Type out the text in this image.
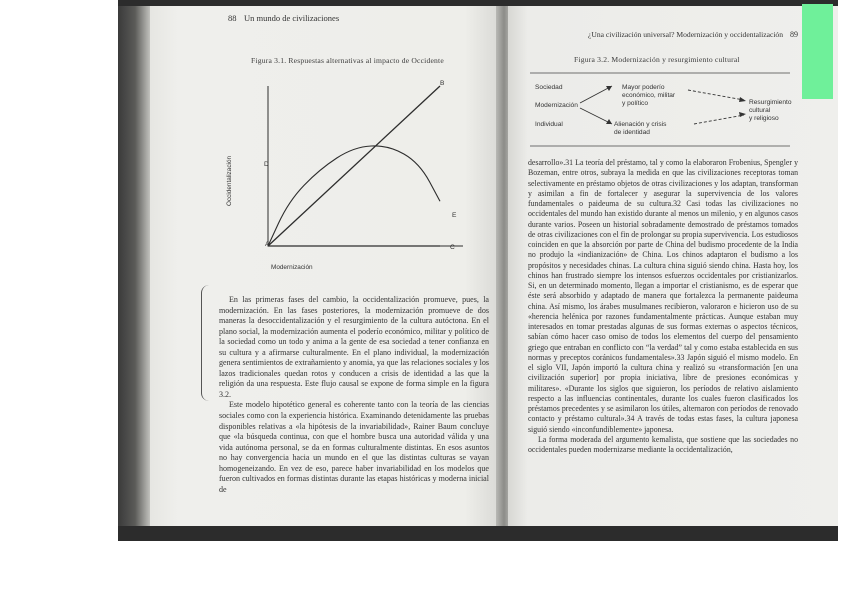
88 Un mundo de civilizaciones
Figura 3.1. Respuestas alternativas al impacto de Occidente
Occidentalización
Modernización
A
B
C
D
E

En las primeras fases del cambio, la occidentalización promueve, pues, la modernización. En las fases posteriores, la modernización promueve de dos maneras la desoccidentalización y el resurgimiento de la cultura autóctona. En el plano social, la modernización aumenta el poderío económico, militar y político de la sociedad como un todo y anima a la gente de esa sociedad a tener confianza en su cultura y a afirmarse culturalmente. En el plano individual, la modernización genera sentimientos de extrañamiento y anomia, ya que las relaciones sociales y los lazos tradicionales quedan rotos y conducen a crisis de identidad a las que la religión da una respuesta. Este flujo causal se expone de forma simple en la figura 3.2.

Este modelo hipotético general es coherente tanto con la teoría de las ciencias sociales como con la experiencia histórica. Examinando detenidamente las pruebas disponibles relativas a «la hipótesis de la invariabilidad», Rainer Baum concluye que «la búsqueda continua, con que el hombre busca una autoridad válida y una vida autónoma personal, se da en formas culturalmente distintas. En esos asuntos no hay convergencia hacia un mundo en el que las distintas culturas se vayan homogeneizando. En vez de eso, parece haber invariabilidad en los modelos que fueron cultivados en formas distintas durante las etapas históricas y moderna inicial de

¿Una civilización universal? Modernización y occidentalización 89
Figura 3.2. Modernización y resurgimiento cultural
Sociedad
Modernización
Individual
Mayor poderío
económico, militar
y político
Alienación y crisis
de identidad
Resurgimiento
cultural
y religioso

desarrollo».31 La teoría del préstamo, tal y como la elaboraron Frobenius, Spengler y Bozeman, entre otros, subraya la medida en que las civilizaciones receptoras toman selectivamente en préstamo objetos de otras civilizaciones y los adaptan, transforman y asimilan a fin de fortalecer y asegurar la supervivencia de los valores fundamentales o paideuma de su cultura.32 Casi todas las civilizaciones no occidentales del mundo han existido durante al menos un milenio, y en algunos casos durante varios. Poseen un historial sobradamente demostrado de préstamos tomados de otras civilizaciones con el fin de prolongar su propia supervivencia. Los estudiosos coinciden en que la absorción por parte de China del budismo procedente de la India no produjo la «indianización» de China. Los chinos adaptaron el budismo a los propósitos y necesidades chinas. La cultura china siguió siendo china. Hasta hoy, los chinos han frustrado siempre los intensos esfuerzos occidentales por cristianizarlos. Si, en un determinado momento, llegan a importar el cristianismo, es de esperar que éste será absorbido y adaptado de manera que fortalezca la permanente paideuma china. Así mismo, los árabes musulmanes recibieron, valoraron e hicieron uso de su «herencia helénica por razones fundamentalmente prácticas. Aunque estaban muy interesados en tomar prestadas algunas de sus formas externas o aspectos técnicos, sabían cómo hacer caso omiso de todos los elementos del cuerpo del pensamiento griego que entraban en conflicto con “la verdad” tal y como estaba establecida en sus normas y preceptos coránicos fundamentales».33 Japón siguió el mismo modelo. En el siglo VII, Japón importó la cultura china y realizó su «transformación [en una civilización superior] por propia iniciativa, libre de presiones económicas y militares». «Durante los siglos que siguieron, los períodos de relativo aislamiento respecto a las influencias continentales, durante los cuales fueron clasificados los préstamos precedentes y se asimilaron los útiles, alternaron con períodos de renovado contacto y préstamo cultural».34 A través de todas estas fases, la cultura japonesa siguió siendo «inconfundiblemente» japonesa.

La forma moderada del argumento kemalista, que sostiene que las sociedades no occidentales pueden modernizarse mediante la occidentalización,
